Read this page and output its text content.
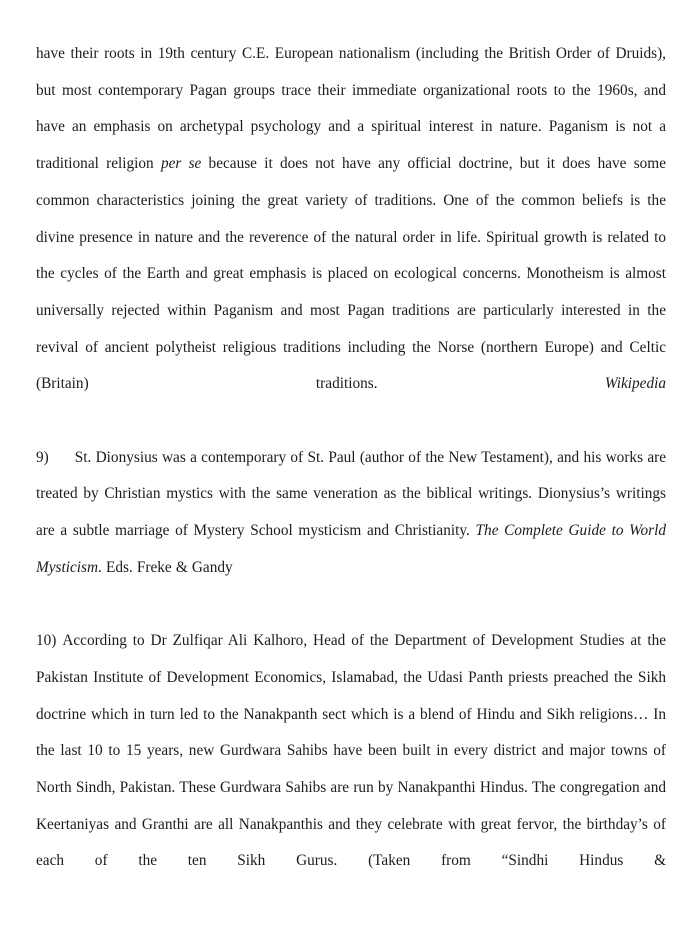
have their roots in 19th century C.E. European nationalism (including the British Order of Druids), but most contemporary Pagan groups trace their immediate organizational roots to the 1960s, and have an emphasis on archetypal psychology and a spiritual interest in nature. Paganism is not a traditional religion per se because it does not have any official doctrine, but it does have some common characteristics joining the great variety of traditions. One of the common beliefs is the divine presence in nature and the reverence of the natural order in life. Spiritual growth is related to the cycles of the Earth and great emphasis is placed on ecological concerns. Monotheism is almost universally rejected within Paganism and most Pagan traditions are particularly interested in the revival of ancient polytheist religious traditions including the Norse (northern Europe) and Celtic (Britain) traditions. Wikipedia

9) St. Dionysius was a contemporary of St. Paul (author of the New Testament), and his works are treated by Christian mystics with the same veneration as the biblical writings. Dionysius’s writings are a subtle marriage of Mystery School mysticism and Christianity. The Complete Guide to World Mysticism. Eds. Freke & Gandy

10) According to Dr Zulfiqar Ali Kalhoro, Head of the Department of Development Studies at the Pakistan Institute of Development Economics, Islamabad, the Udasi Panth priests preached the Sikh doctrine which in turn led to the Nanakpanth sect which is a blend of Hindu and Sikh religions… In the last 10 to 15 years, new Gurdwara Sahibs have been built in every district and major towns of North Sindh, Pakistan. These Gurdwara Sahibs are run by Nanakpanthi Hindus. The congregation and Keertaniyas and Granthi are all Nanakpanthis and they celebrate with great fervor, the birthday’s of each of the ten Sikh Gurus. (Taken from “Sindhi Hindus &
